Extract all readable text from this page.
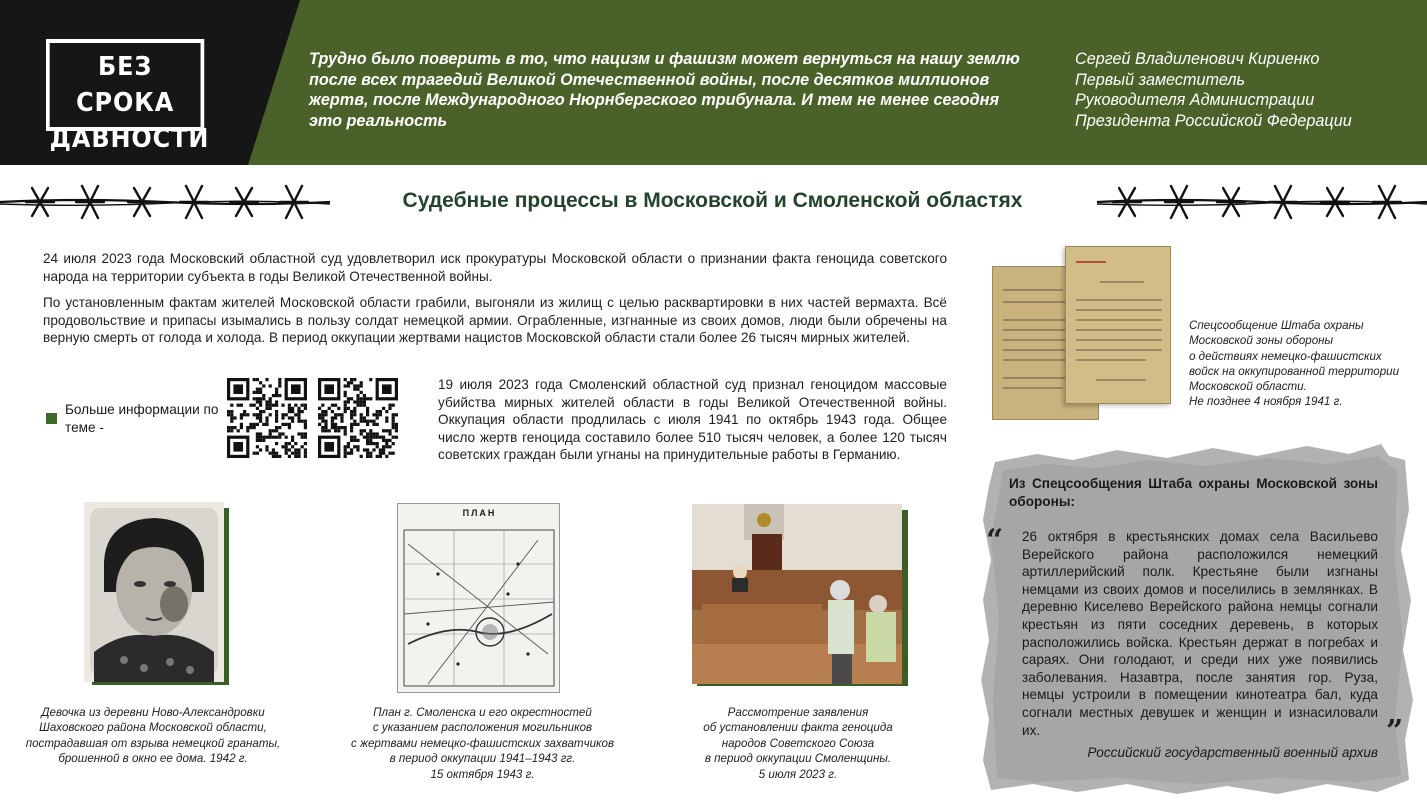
БЕЗ СРОКА
ДАВНОСТИ
Трудно было поверить в то, что нацизм и фашизм может вернуться на нашу землю
после всех трагедий Великой Отечественной войны, после десятков миллионов
жертв, после Международного Нюрнбергского трибунала. И тем не менее сегодня
это реальность
Сергей Владиленович Кириенко
Первый заместитель
Руководителя Администрации
Президента Российской Федерации
Судебные процессы в Московской и Смоленской областях
24 июля 2023 года Московский областной суд удовлетворил иск прокуратуры Московской области о признании факта геноцида советского народа на территории субъекта в годы Великой Отечественной войны.
По установленным фактам жителей Московской области грабили, выгоняли из жилищ с целью расквартировки в них частей вермахта. Всё продовольствие и припасы изымались в пользу солдат немецкой армии. Ограбленные, изгнанные из своих домов, люди были обречены на верную смерть от голода и холода. В период оккупации жертвами нацистов Московской области стали более 26 тысяч мирных жителей.
19 июля 2023 года Смоленский областной суд признал геноцидом массовые убийства мирных жителей области в годы Великой Отечественной войны. Оккупация области продлилась с июля 1941 по октябрь 1943 года. Общее число жертв геноцида составило более 510 тысяч человек, а более 120 тысяч советских граждан были угнаны на принудительные работы в Германию.
Больше информации по теме -
Девочка из деревни Ново-Александровки
Шаховского района Московской области,
пострадавшая от взрыва немецкой гранаты,
брошенной в окно ее дома. 1942 г.
ПЛАН
План г. Смоленска и его окрестностей
с указанием расположения могильников
с жертвами немецко-фашистских захватчиков
в период оккупации 1941–1943 гг.
15 октября 1943 г.
Рассмотрение заявления
об установлении факта геноцида
народов Советского Союза
в период оккупации Смоленщины.
5 июля 2023 г.
Спецсообщение Штаба охраны
Московской зоны обороны
о действиях немецко-фашистских
войск на оккупированной территории
Московской области.
Не позднее 4 ноября 1941 г.
Из Спецсообщения Штаба охраны Московской зоны обороны:
“ 26 октября в крестьянских домах села Васильево Верейского района расположился немецкий артиллерийский полк. Крестьяне были изгнаны немцами из своих домов и поселились в землянках. В деревню Киселево Верейского района немцы согнали крестьян из пяти соседних деревень, в которых расположились войска. Крестьян держат в погребах и сараях. Они голодают, и среди них уже появились заболевания. Назавтра, после занятия гор. Руза, немцы устроили в помещении кинотеатра бал, куда согнали местных девушек и женщин и изнасиловали их.	”
Российский государственный военный архив
